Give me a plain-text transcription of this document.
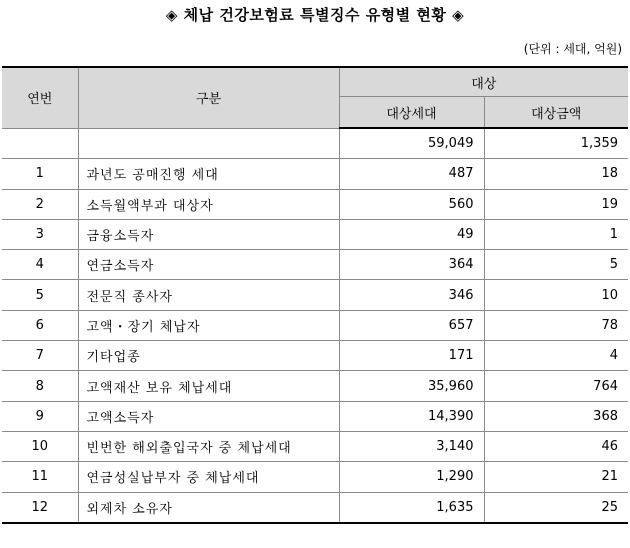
◈ 체납 건강보험료 특별징수 유형별 현황 ◈
(단위 : 세대, 억원)
연번	구분	대상	
		대상세대	대상금액
		59,049	1,359
1	과년도 공매진행 세대	487	18
2	소득월액부과 대상자	560	19
3	금융소득자	49	1
4	연금소득자	364	5
5	전문직 종사자	346	10
6	고액・장기 체납자	657	78
7	기타업종	171	4
8	고액재산 보유 체납세대	35,960	764
9	고액소득자	14,390	368
10	빈번한 해외출입국자 중 체납세대	3,140	46
11	연금성실납부자 중 체납세대	1,290	21
12	외제차 소유자	1,635	25
